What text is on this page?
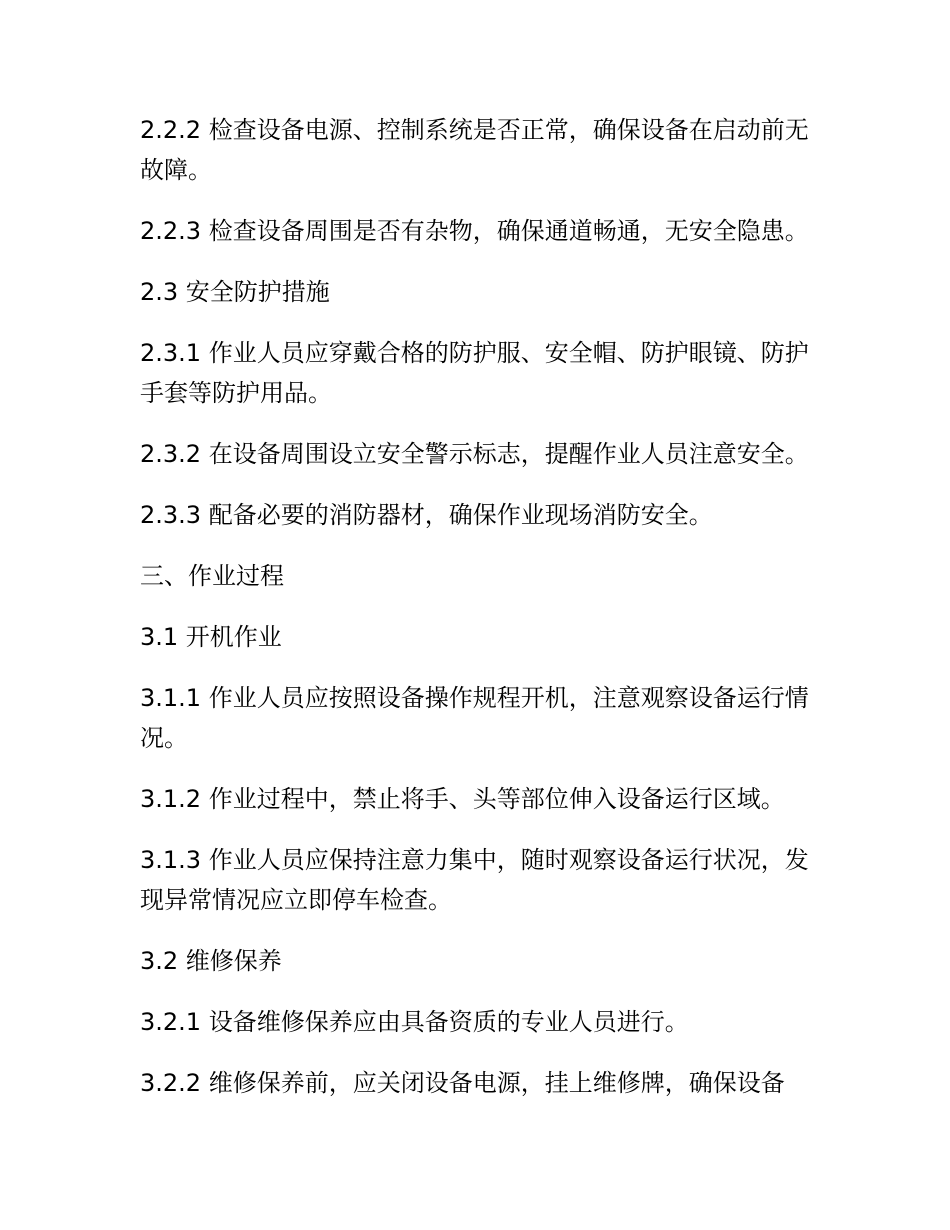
2.2.2 检查设备电源、控制系统是否正常，确保设备在启动前无故障。

2.2.3 检查设备周围是否有杂物，确保通道畅通，无安全隐患。

2.3 安全防护措施

2.3.1 作业人员应穿戴合格的防护服、安全帽、防护眼镜、防护手套等防护用品。

2.3.2 在设备周围设立安全警示标志，提醒作业人员注意安全。

2.3.3 配备必要的消防器材，确保作业现场消防安全。

三、作业过程

3.1 开机作业

3.1.1 作业人员应按照设备操作规程开机，注意观察设备运行情况。

3.1.2 作业过程中，禁止将手、头等部位伸入设备运行区域。

3.1.3 作业人员应保持注意力集中，随时观察设备运行状况，发现异常情况应立即停车检查。

3.2 维修保养

3.2.1 设备维修保养应由具备资质的专业人员进行。

3.2.2 维修保养前，应关闭设备电源，挂上维修牌，确保设备
